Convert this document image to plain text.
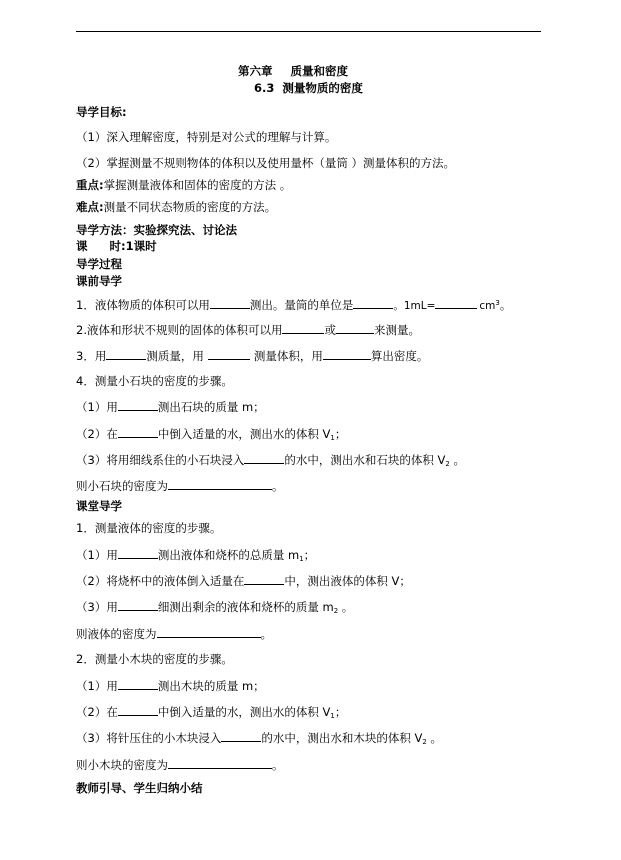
第六章 质量和密度
6.3 测量物质的密度
导学目标:
（1）深入理解密度，特别是对公式的理解与计算。
（2）掌握测量不规则物体的体积以及使用量杯（量筒 ）测量体积的方法。
重点:掌握测量液体和固体的密度的方法 。
难点:测量不同状态物质的密度的方法。
导学方法：实验探究法、讨论法
课 时:1课时
导学过程
课前导学
1．液体物质的体积可以用	测出。量筒的单位是	。1mL=	$cm^3$。
2.液体和形状不规则的固体的体积可以用	或	来测量。
3．用	测质量，用	测量体积，用	算出密度。
4．测量小石块的密度的步骤。
（1）用	测出石块的质量 m；
（2）在	中倒入适量的水，测出水的体积 $V_1$；
（3）将用细线系住的小石块浸入	的水中，测出水和石块的体积 $V_2$ 。
则小石块的密度为	。
课堂导学
1．测量液体的密度的步骤。
（1）用	测出液体和烧杯的总质量 $m_1$；
（2）将烧杯中的液体倒入适量在	中，测出液体的体积 V；
（3）用	细测出剩余的液体和烧杯的质量 $m_2$ 。
则液体的密度为	。
2．测量小木块的密度的步骤。
（1）用	测出木块的质量 m；
（2）在	中倒入适量的水，测出水的体积 $V_1$；
（3）将针压住的小木块浸入	的水中，测出水和木块的体积 $V_2$ 。
则小木块的密度为	。
教师引导、学生归纳小结
